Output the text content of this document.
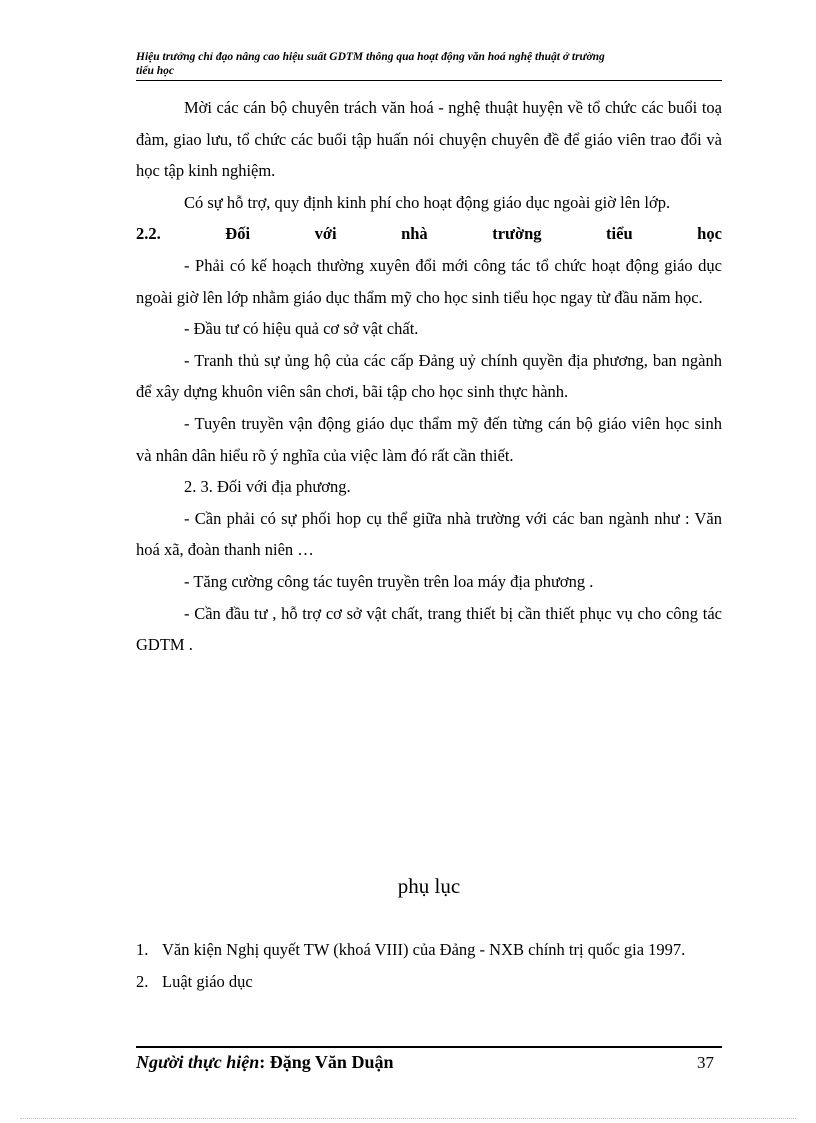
Hiệu trưởng chỉ đạo nâng cao hiệu suất GDTM thông qua hoạt động văn hoá nghệ thuật ở trường
tiểu học

Mời các cán bộ chuyên trách văn hoá - nghệ thuật huyện về tổ chức các buổi toạ đàm, giao lưu, tổ chức các buổi tập huấn nói chuyện chuyên đề để giáo viên trao đổi và học tập kinh nghiệm.

Có sự hỗ trợ, quy định kinh phí cho hoạt động giáo dục ngoài giờ lên lớp.

2.2.	Đối	với	nhà	trường	tiểu	học

- Phải có kế hoạch thường xuyên đổi mới công tác tổ chức hoạt động giáo dục ngoài giờ lên lớp nhằm giáo dục thẩm mỹ cho học sinh tiểu học ngay từ đầu năm học.

- Đầu tư có hiệu quả cơ sở vật chất.

- Tranh thủ sự ủng hộ của các cấp Đảng uỷ chính quyền địa phương, ban ngành để xây dựng khuôn viên sân chơi, bãi tập cho học sinh thực hành.

- Tuyên truyền vận động giáo dục thẩm mỹ đến từng cán bộ giáo viên học sinh và nhân dân hiểu rõ ý nghĩa của việc làm đó rất cần thiết.

2. 3. Đối với địa phương.

- Cần phải có sự phối hop cụ thể giữa nhà trường với các ban ngành như : Văn hoá xã, đoàn thanh niên …

- Tăng cường công tác tuyên truyền trên loa máy địa phương .

- Cần đầu tư , hỗ trợ cơ sở vật chất, trang thiết bị cần thiết phục vụ cho công tác GDTM .

phụ lục
1. Văn kiện Nghị quyết TW (khoá VIII) của Đảng - NXB chính trị quốc gia 1997.
2. Luật giáo dục
Người thực hiện: Đặng Văn Duận	37
